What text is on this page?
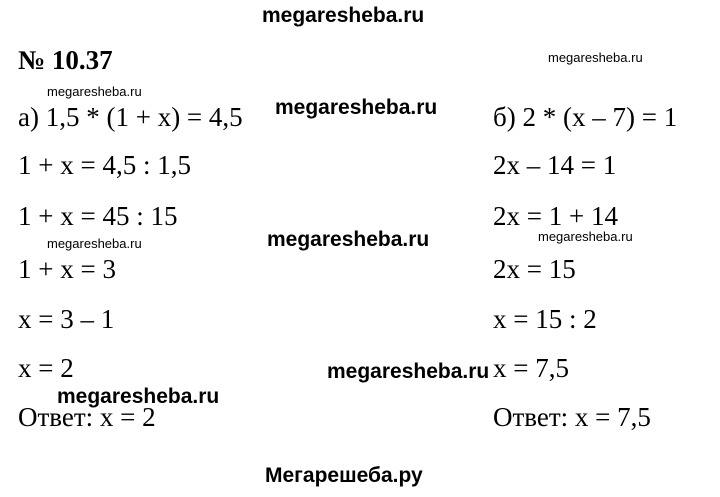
megaresheba.ru
№ 10.37	megaresheba.ru
megaresheba.ru
megaresheba.ru	megaresheba.ru
а) 1,5 * (1 + x) = 4,5
1 + x = 4,5 : 1,5
1 + x = 45 : 15
1 + x = 3
x = 3 – 1
x = 2
Ответ: x = 2
б) 2 * (x – 7) = 1
2x – 14 = 1
2x = 1 + 14
2x = 15
x = 15 : 2
x = 7,5
Ответ: x = 7,5
megaresheba.ru
megaresheba.ru
megaresheba.ru
megaresheba.ru
Мегарешеба.ру
